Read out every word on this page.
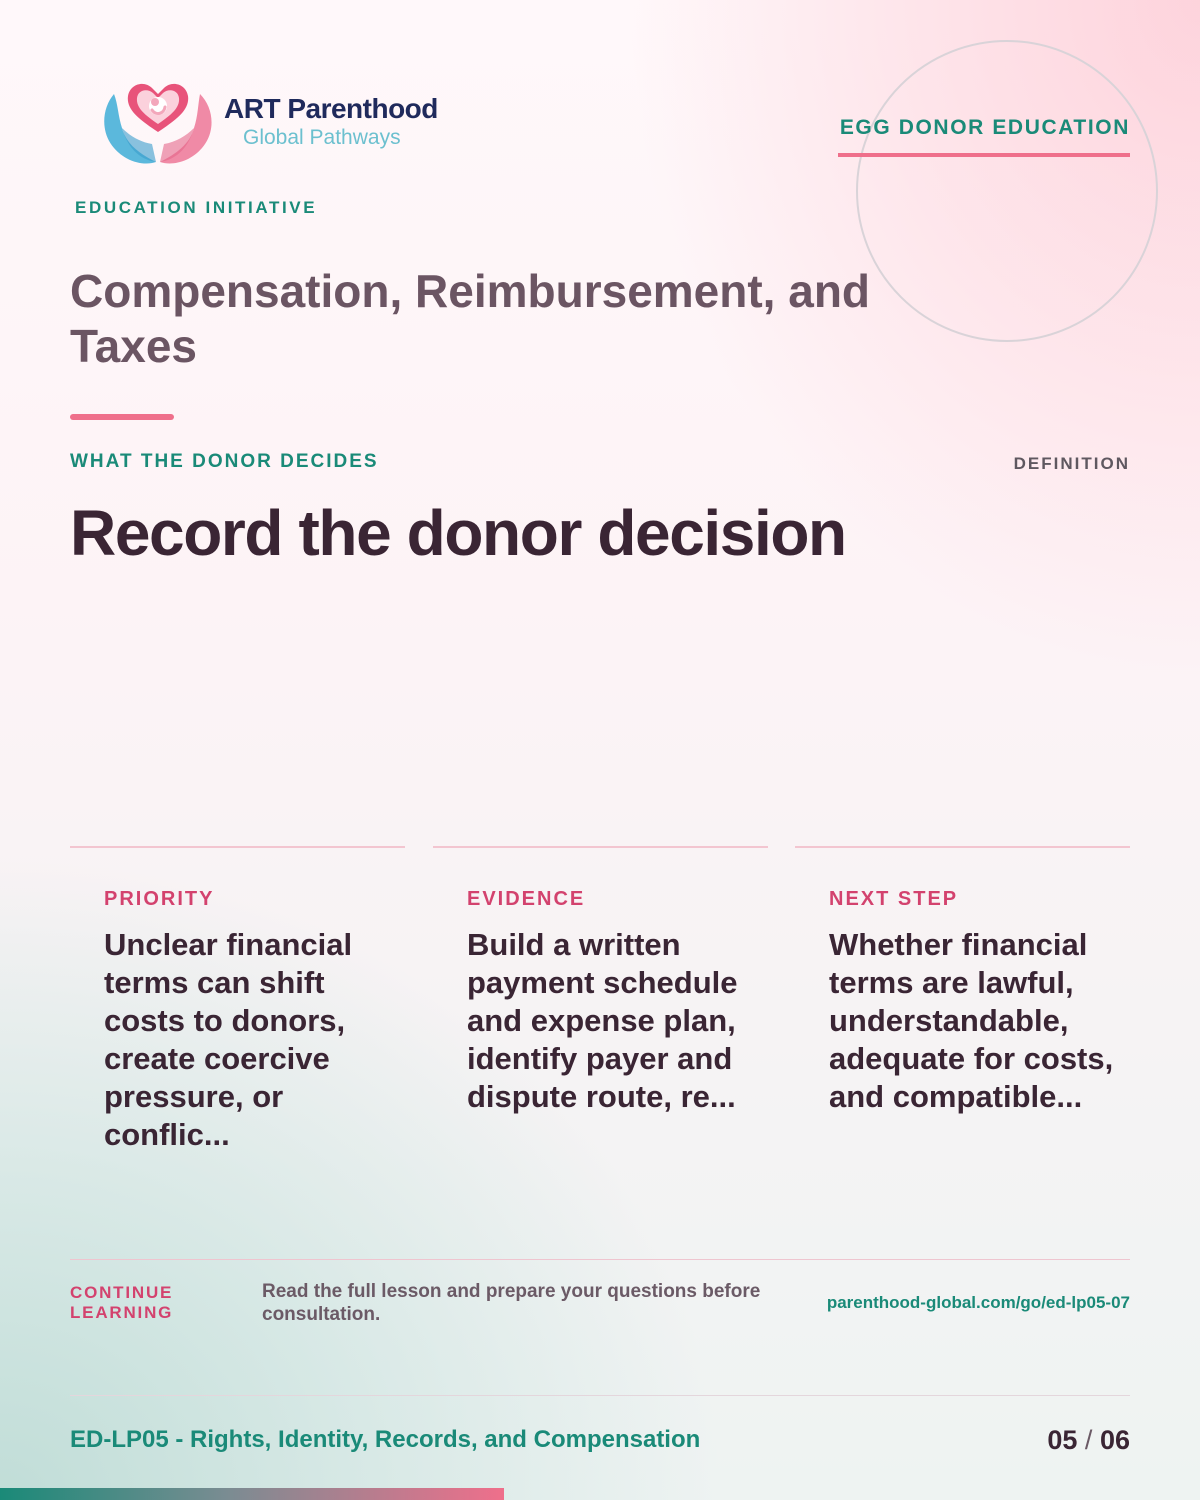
ART Parenthood
Global Pathways
EDUCATION INITIATIVE
EGG DONOR EDUCATION
Compensation, Reimbursement, and Taxes
WHAT THE DONOR DECIDES	DEFINITION
Record the donor decision
PRIORITY
Unclear financial terms can shift costs to donors, create coercive pressure, or conflic...
EVIDENCE
Build a written payment schedule and expense plan, identify payer and dispute route, re...
NEXT STEP
Whether financial terms are lawful, understandable, adequate for costs, and compatible...
CONTINUE LEARNING
Read the full lesson and prepare your questions before consultation.
parenthood-global.com/go/ed-lp05-07
ED-LP05 - Rights, Identity, Records, and Compensation	05 / 06
